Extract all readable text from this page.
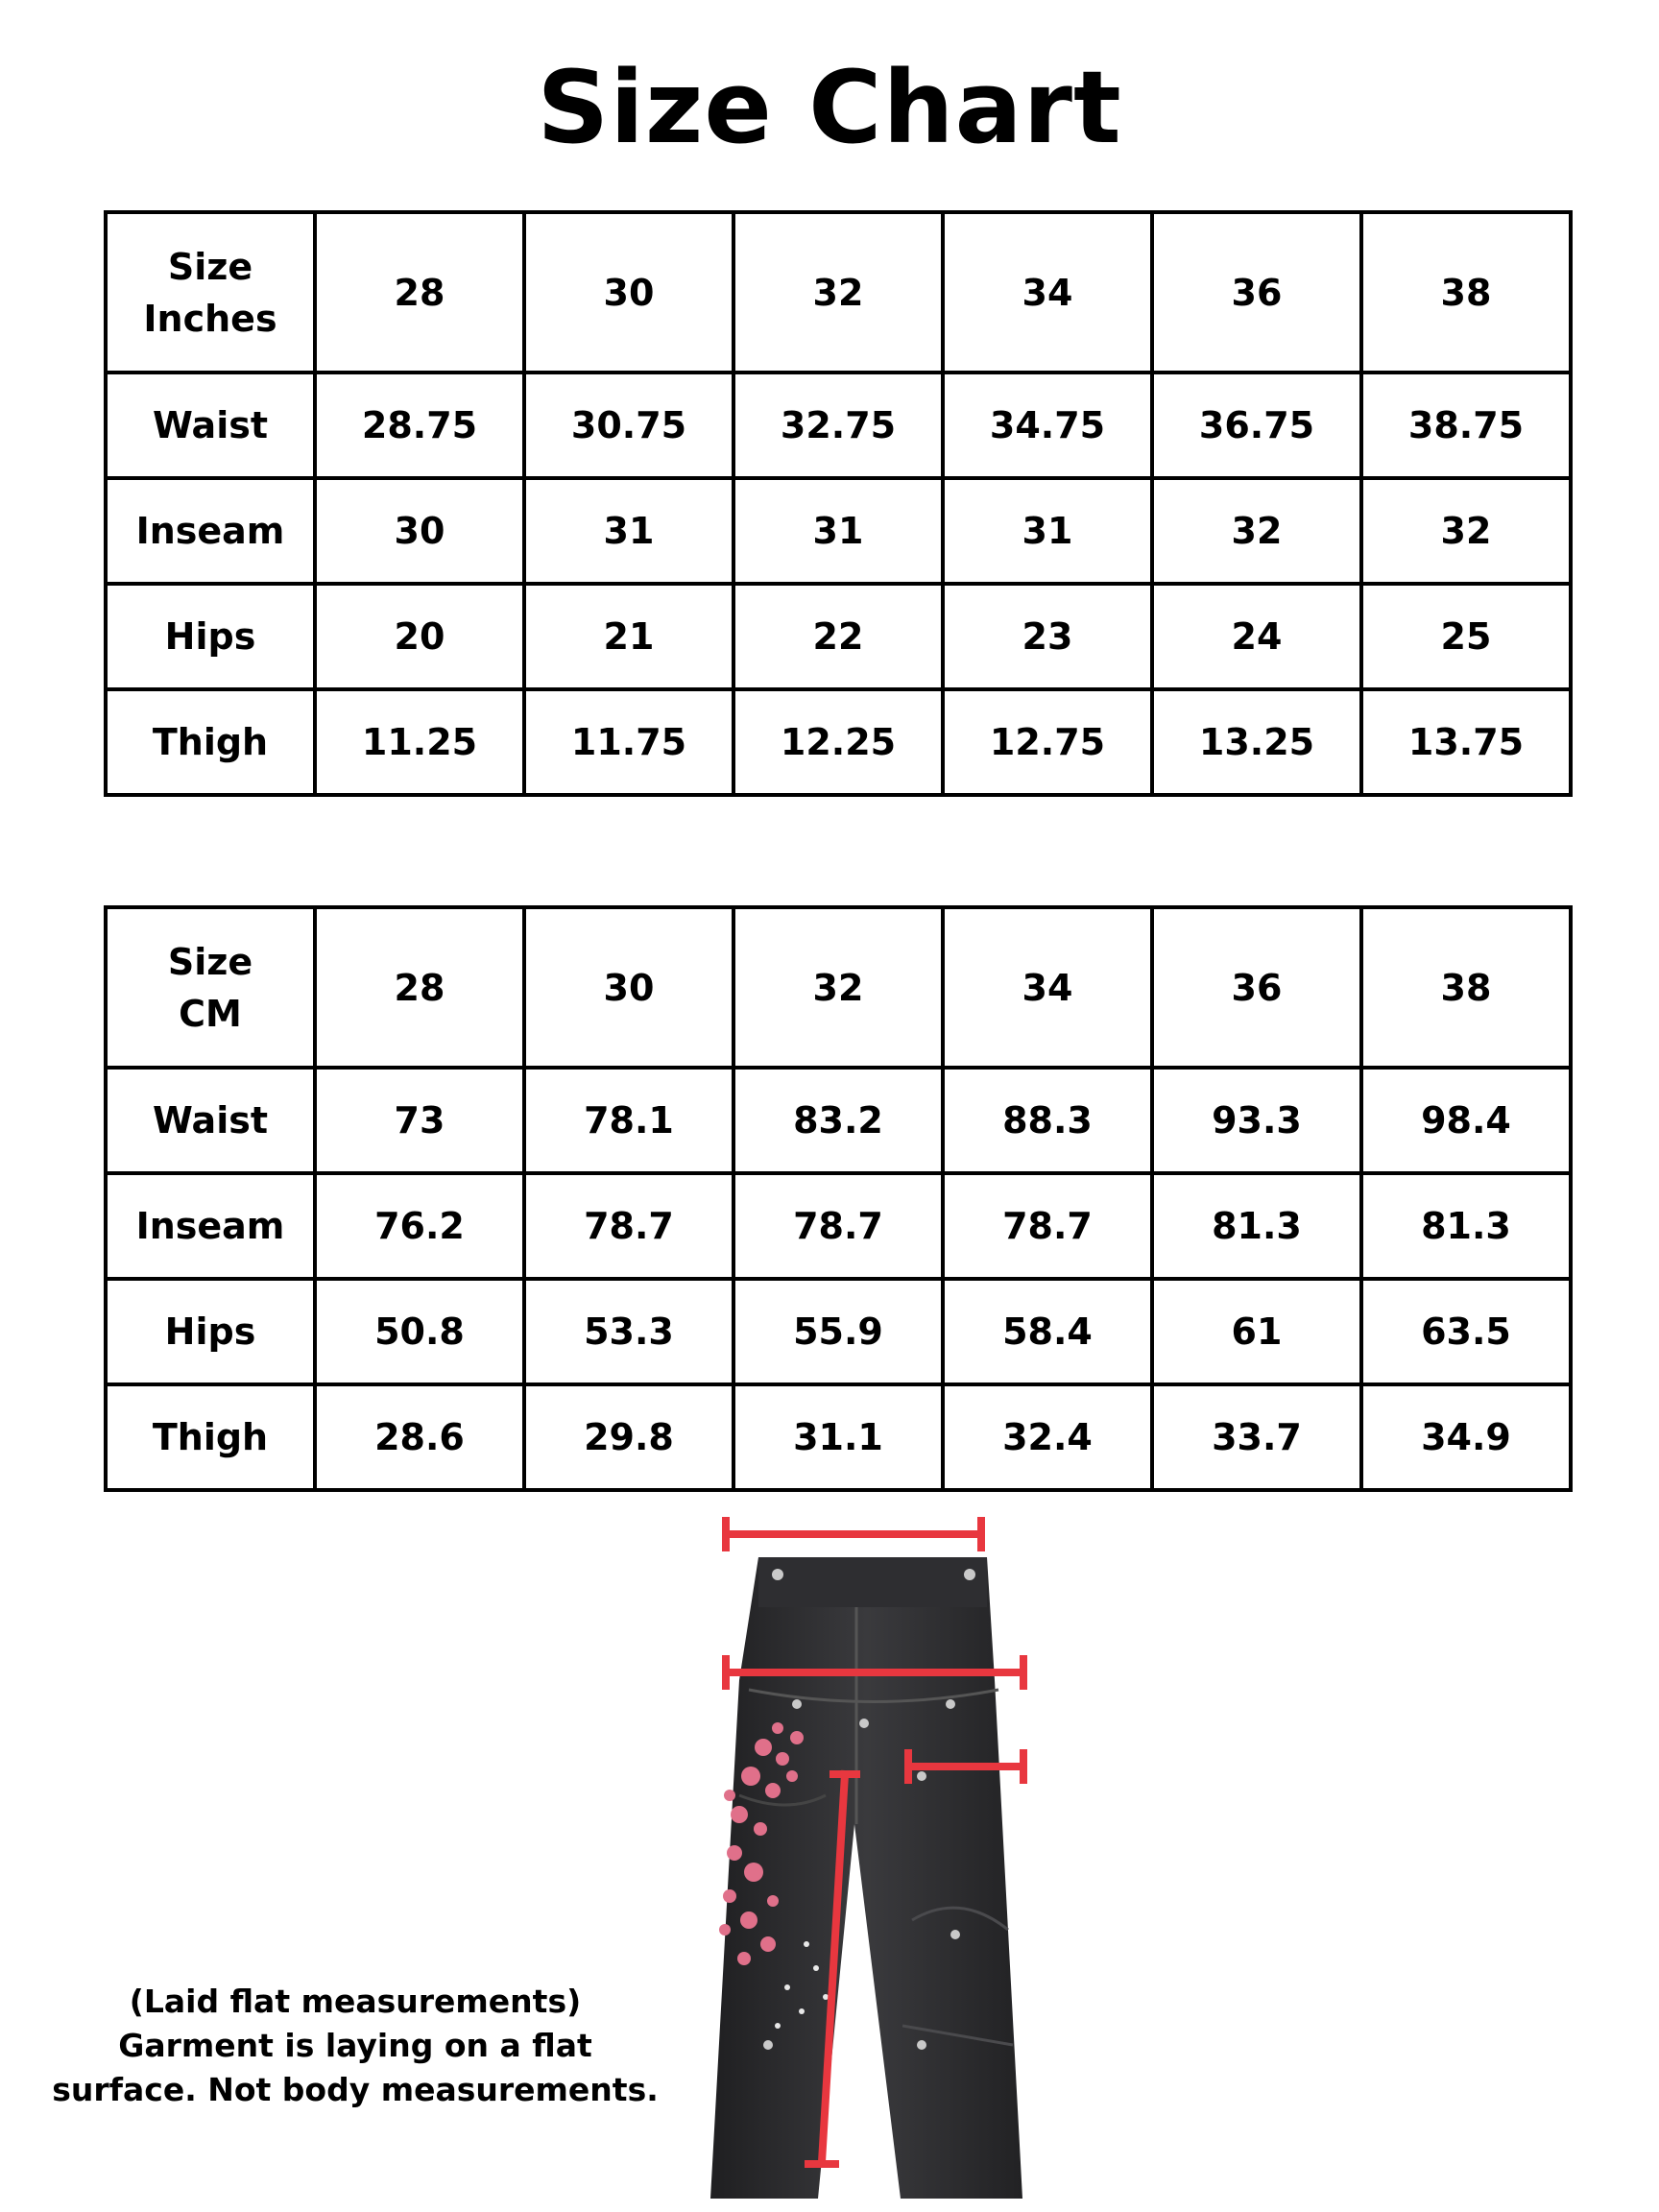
Size Chart
Size
Inches	28	30	32	34	36	38
Waist	28.75	30.75	32.75	34.75	36.75	38.75
Inseam	30	31	31	31	32	32
Hips	20	21	22	23	24	25
Thigh	11.25	11.75	12.25	12.75	13.25	13.75
Size
CM	28	30	32	34	36	38
Waist	73	78.1	83.2	88.3	93.3	98.4
Inseam	76.2	78.7	78.7	78.7	81.3	81.3
Hips	50.8	53.3	55.9	58.4	61	63.5
Thigh	28.6	29.8	31.1	32.4	33.7	34.9
(Laid flat measurements) Garment is laying on a flat surface. Not body measurements.
